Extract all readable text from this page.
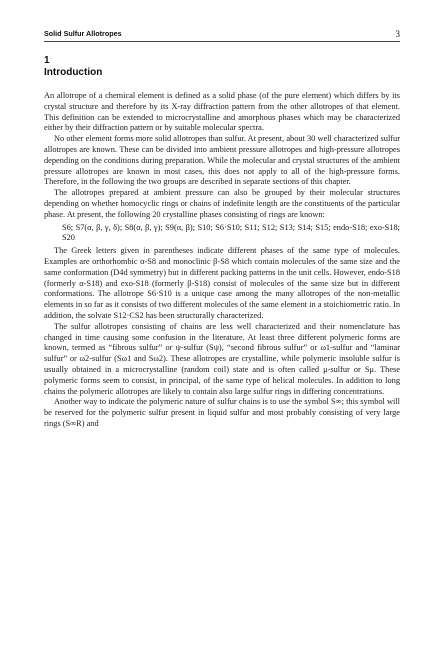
Solid Sulfur Allotropes	3
1
Introduction

An allotrope of a chemical element is defined as a solid phase (of the pure element) which differs by its crystal structure and therefore by its X-ray diffraction pattern from the other allotropes of that element. This definition can be extended to microcrystalline and amorphous phases which may be characterized either by their diffraction pattern or by suitable molecular spectra.

No other element forms more solid allotropes than sulfur. At present, about 30 well characterized sulfur allotropes are known. These can be divided into ambient pressure allotropes and high-pressure allotropes depending on the conditions during preparation. While the molecular and crystal structures of the ambient pressure allotropes are known in most cases, this does not apply to all of the high-pressure forms. Therefore, in the following the two groups are described in separate sections of this chapter.

The allotropes prepared at ambient pressure can also be grouped by their molecular structures depending on whether homocyclic rings or chains of indefinite length are the constituents of the particular phase. At present, the following 20 crystalline phases consisting of rings are known:

S6; S7(α, β, γ, δ); S8(α, β, γ); S9(α, β); S10; S6·S10; S11; S12; S13; S14; S15; endo-S18; exo-S18; S20

The Greek letters given in parentheses indicate different phases of the same type of molecules. Examples are orthorhombic α-S8 and monoclinic β-S8 which contain molecules of the same size and the same conformation (D4d symmetry) but in different packing patterns in the unit cells. However, endo-S18 (formerly α-S18) and exo-S18 (formerly β-S18) consist of molecules of the same size but in different conformations. The allotrope S6·S10 is a unique case among the many allotropes of the non-metallic elements in so far as it consists of two different molecules of the same element in a stoichiometric ratio. In addition, the solvate S12·CS2 has been structurally characterized.

The sulfur allotropes consisting of chains are less well characterized and their nomenclature has changed in time causing some confusion in the literature. At least three different polymeric forms are known, termed as “fibrous sulfur” or ψ-sulfur (Sψ), “second fibrous sulfur” or ω1-sulfur and “laminar sulfur” or ω2-sulfur (Sω1 and Sω2). These allotropes are crystalline, while polymeric insoluble sulfur is usually obtained in a microcrystalline (random coil) state and is often called μ-sulfur or Sμ. These polymeric forms seem to consist, in principal, of the same type of helical molecules. In addition to long chains the polymeric allotropes are likely to contain also large sulfur rings in differing concentrations.

Another way to indicate the polymeric nature of sulfur chains is to use the symbol S∞; this symbol will be reserved for the polymeric sulfur present in liquid sulfur and most probably consisting of very large rings (S∞R) and
